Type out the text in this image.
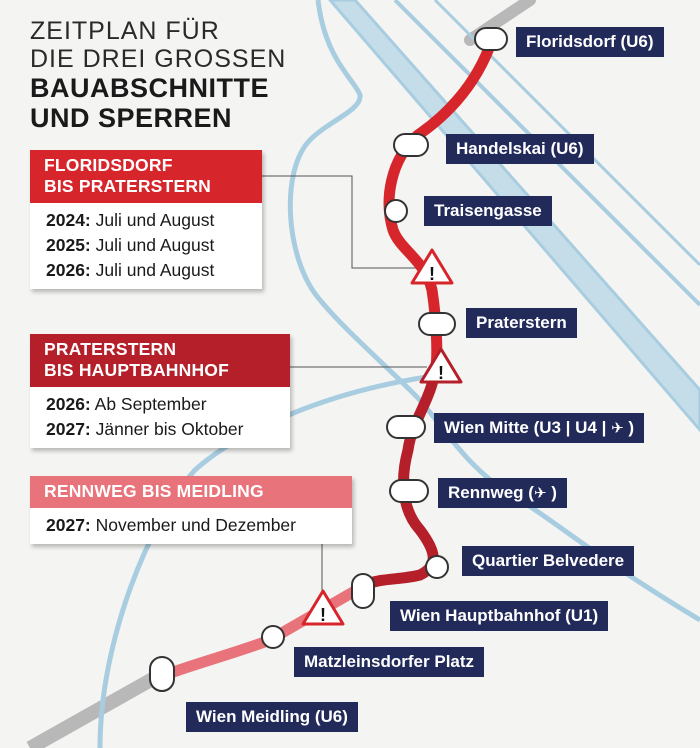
!
!
!
ZEITPLAN FÜR
DIE DREI GROSSEN
BAUABSCHNITTE
UND SPERREN
FLORIDSDORF
BIS PRATERSTERN
2024: Juli und August
2025: Juli und August
2026: Juli und August
PRATERSTERN
BIS HAUPTBAHNHOF
2026: Ab September
2027: Jänner bis Oktober
RENNWEG BIS MEIDLING
2027: November und Dezember
Floridsdorf (U6)
Handelskai (U6)
Traisengasse
Praterstern
Wien Mitte (U3 | U4 | ✈ )
Rennweg (✈ )
Quartier Belvedere
Wien Hauptbahnhof (U1)
Matzleinsdorfer Platz
Wien Meidling (U6)
